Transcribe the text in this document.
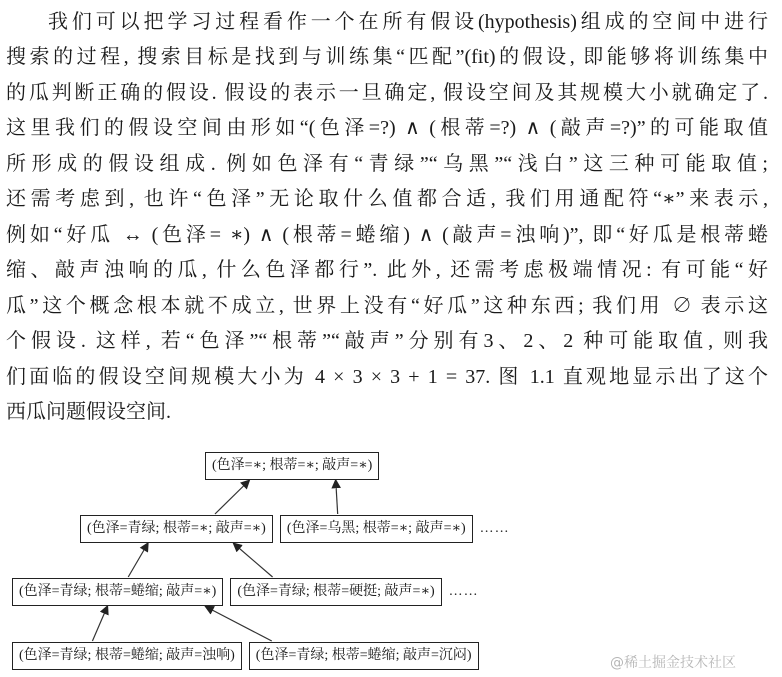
我们可以把学习过程看作一个在所有假设(hypothesis)组成的空间中进行
搜索的过程, 搜索目标是找到与训练集“匹配”(fit)的假设, 即能够将训练集中
的瓜判断正确的假设. 假设的表示一旦确定, 假设空间及其规模大小就确定了.
这里我们的假设空间由形如“(色泽=?) ∧ (根蒂=?) ∧ (敲声=?)”的可能取值
所形成的假设组成. 例如色泽有“青绿”“乌黑”“浅白”这三种可能取值;
还需考虑到, 也许“色泽”无论取什么值都合适, 我们用通配符“∗”来表示,
例如“好瓜 ↔ (色泽= ∗) ∧ (根蒂=蜷缩) ∧ (敲声=浊响)”, 即“好瓜是根蒂蜷
缩、敲声浊响的瓜, 什么色泽都行”. 此外, 还需考虑极端情况: 有可能“好
瓜”这个概念根本就不成立, 世界上没有“好瓜”这种东西; 我们用 ∅ 表示这
个假设. 这样, 若“色泽”“根蒂”“敲声”分别有3、2、2 种可能取值, 则我
们面临的假设空间规模大小为 4 × 3 × 3 + 1 = 37. 图 1.1 直观地显示出了这个
西瓜问题假设空间.
(色泽=∗; 根蒂=∗; 敲声=∗)
(色泽=青绿; 根蒂=∗; 敲声=∗)	(色泽=乌黑; 根蒂=∗; 敲声=∗)	……
(色泽=青绿; 根蒂=蜷缩; 敲声=∗)	(色泽=青绿; 根蒂=硬挺; 敲声=∗)	……
(色泽=青绿; 根蒂=蜷缩; 敲声=浊响)	(色泽=青绿; 根蒂=蜷缩; 敲声=沉闷)	@稀土掘金技术社区
